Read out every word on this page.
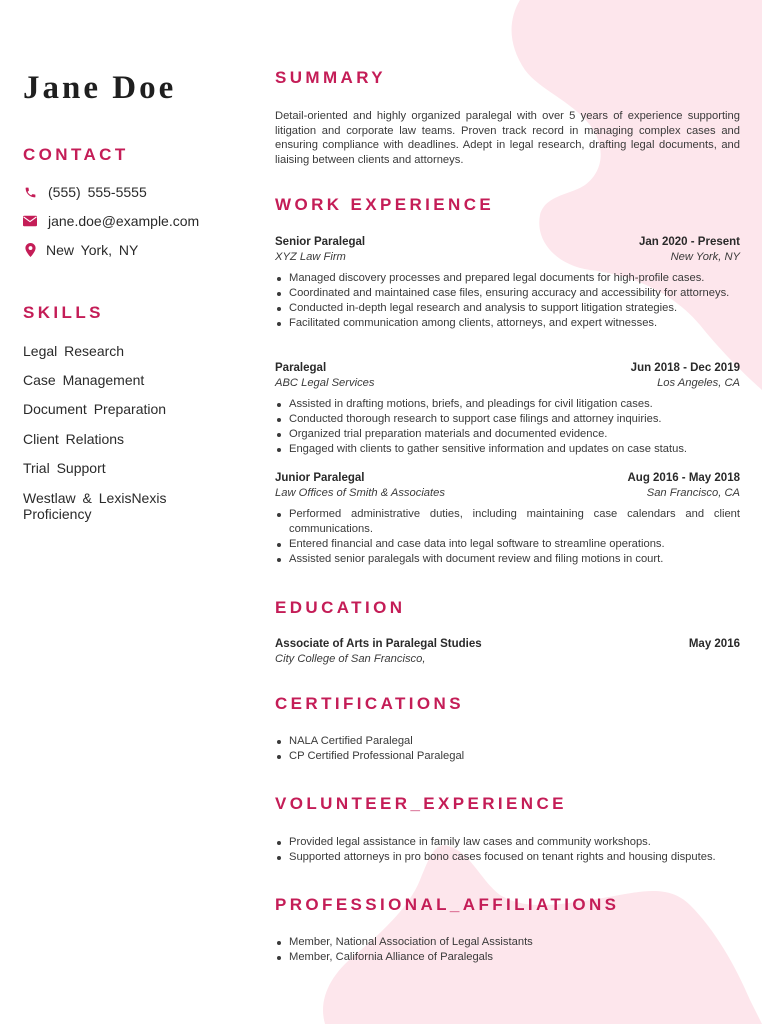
Jane Doe
CONTACT
(555) 555-5555
jane.doe@example.com
New York, NY
SKILLS
Legal Research
Case Management
Document Preparation
Client Relations
Trial Support
Westlaw & LexisNexis Proficiency
SUMMARY

Detail-oriented and highly organized paralegal with over 5 years of experience supporting litigation and corporate law teams. Proven track record in managing complex cases and ensuring compliance with deadlines. Adept in legal research, drafting legal documents, and liaising between clients and attorneys.

WORK EXPERIENCE
Senior Paralegal	Jan 2020 - Present
XYZ Law Firm	New York, NY
Managed discovery processes and prepared legal documents for high-profile cases.
Coordinated and maintained case files, ensuring accuracy and accessibility for attorneys.
Conducted in-depth legal research and analysis to support litigation strategies.
Facilitated communication among clients, attorneys, and expert witnesses.
Paralegal	Jun 2018 - Dec 2019
ABC Legal Services	Los Angeles, CA
Assisted in drafting motions, briefs, and pleadings for civil litigation cases.
Conducted thorough research to support case filings and attorney inquiries.
Organized trial preparation materials and documented evidence.
Engaged with clients to gather sensitive information and updates on case status.
Junior Paralegal	Aug 2016 - May 2018
Law Offices of Smith & Associates	San Francisco, CA
Performed administrative duties, including maintaining case calendars and client communications.
Entered financial and case data into legal software to streamline operations.
Assisted senior paralegals with document review and filing motions in court.
EDUCATION
Associate of Arts in Paralegal Studies	May 2016
City College of San Francisco,
CERTIFICATIONS
NALA Certified Paralegal
CP Certified Professional Paralegal
VOLUNTEER_EXPERIENCE
Provided legal assistance in family law cases and community workshops.
Supported attorneys in pro bono cases focused on tenant rights and housing disputes.
PROFESSIONAL_AFFILIATIONS
Member, National Association of Legal Assistants
Member, California Alliance of Paralegals
